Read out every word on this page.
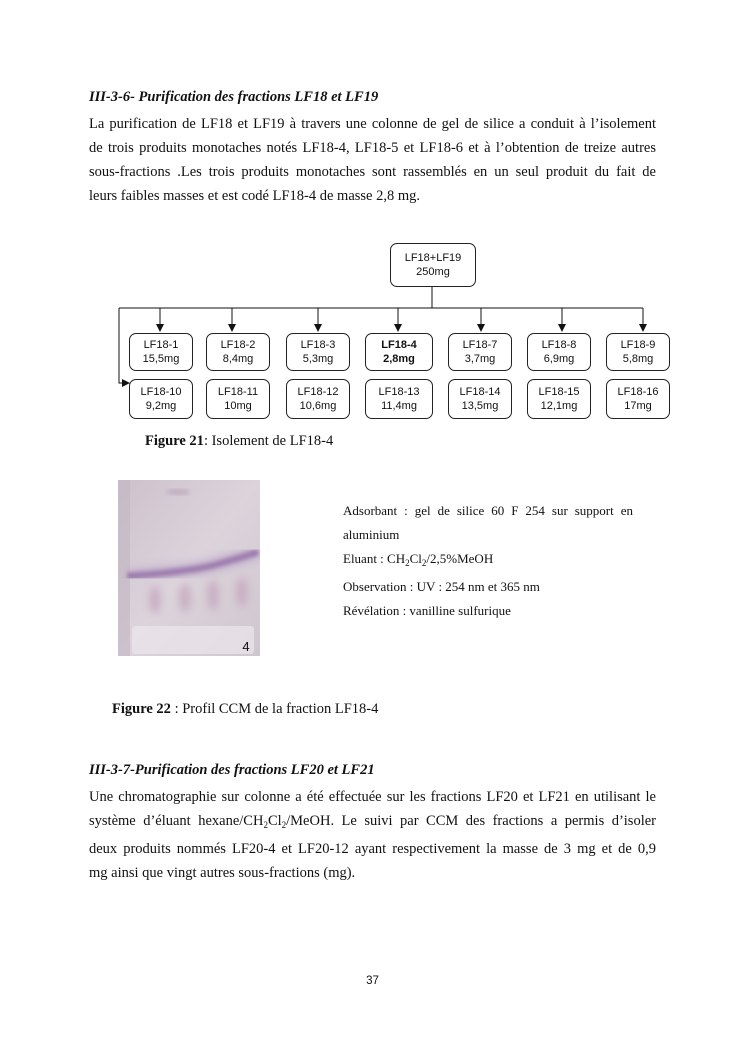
III-3-6- Purification des fractions LF18 et LF19

La purification de LF18 et LF19 à travers une colonne de gel de silice a conduit à l’isolement

de trois produits monotaches notés LF18-4, LF18-5 et LF18-6 et à l’obtention de treize autres

sous-fractions .Les trois produits monotaches sont rassemblés en un seul produit du fait de

leurs faibles masses et est codé LF18-4 de masse 2,8 mg.

LF18+LF19
250mg
LF18-1
15,5mg
LF18-2
8,4mg
LF18-3
5,3mg
LF18-4
2,8mg
LF18-7
3,7mg
LF18-8
6,9mg
LF18-9
5,8mg
LF18-10
9,2mg
LF18-11
10mg
LF18-12
10,6mg
LF18-13
11,4mg
LF18-14
13,5mg
LF18-15
12,1mg
LF18-16
17mg
Figure 21: Isolement de LF18-4
4
Adsorbant : gel de silice 60 F 254 sur support en
aluminium
Eluant : $CH_2Cl_2/2,5\%MeOH$
Observation : UV : 254 nm et 365 nm
Révélation : vanilline sulfurique
Figure 22 : Profil CCM de la fraction LF18-4
III-3-7-Purification des fractions LF20 et LF21

Une chromatographie sur colonne a été effectuée sur les fractions LF20 et LF21 en utilisant le

système d’éluant hexane/$CH_2Cl_2$/MeOH. Le suivi par CCM des fractions a permis d’isoler

deux produits nommés LF20-4 et LF20-12 ayant respectivement la masse de 3 mg et de 0,9

mg ainsi que vingt autres sous-fractions (mg).

37
